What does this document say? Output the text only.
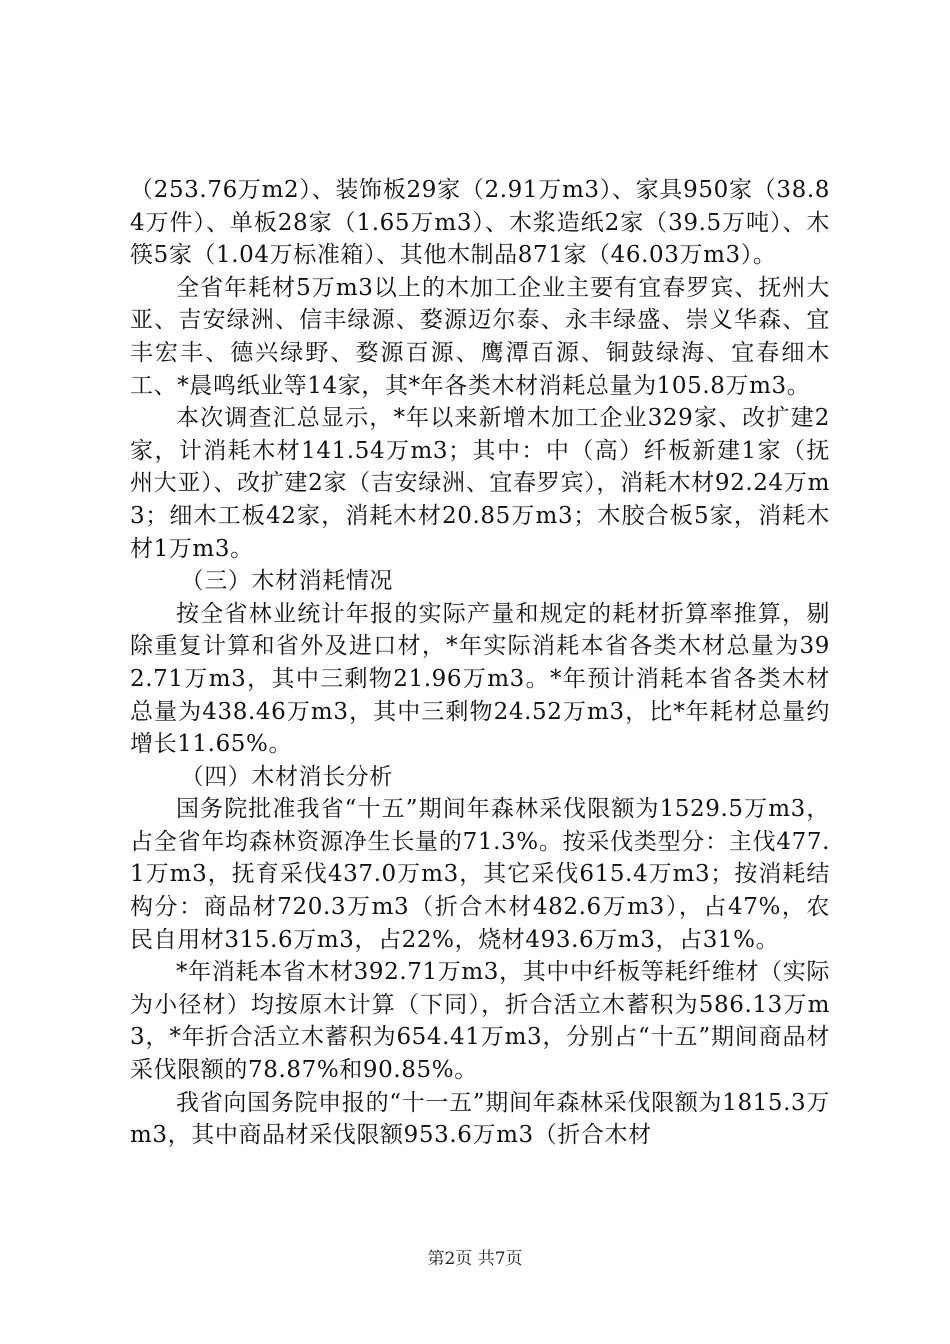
（253.76万m2）、装饰板29家（2.91万m3）、家具950家（38.84万件）、单板28家（1.65万m3）、木浆造纸2家（39.5万吨）、木筷5家（1.04万标准箱）、其他木制品871家（46.03万m3）。

全省年耗材5万m3以上的木加工企业主要有宜春罗宾、抚州大亚、吉安绿洲、信丰绿源、婺源迈尔泰、永丰绿盛、崇义华森、宜丰宏丰、德兴绿野、婺源百源、鹰潭百源、铜鼓绿海、宜春细木工、*晨鸣纸业等14家，其*年各类木材消耗总量为105.8万m3。

本次调查汇总显示，*年以来新增木加工企业329家、改扩建2家，计消耗木材141.54万m3；其中：中（高）纤板新建1家（抚州大亚）、改扩建2家（吉安绿洲、宜春罗宾），消耗木材92.24万m3；细木工板42家，消耗木材20.85万m3；木胶合板5家，消耗木材1万m3。

（三）木材消耗情况

按全省林业统计年报的实际产量和规定的耗材折算率推算，剔除重复计算和省外及进口材，*年实际消耗本省各类木材总量为392.71万m3，其中三剩物21.96万m3。*年预计消耗本省各类木材总量为438.46万m3，其中三剩物24.52万m3，比*年耗材总量约增长11.65%。

（四）木材消长分析

国务院批准我省“十五”期间年森林采伐限额为1529.5万m3，占全省年均森林资源净生长量的71.3%。按采伐类型分：主伐477.1万m3，抚育采伐437.0万m3，其它采伐615.4万m3；按消耗结构分：商品材720.3万m3（折合木材482.6万m3），占47%，农民自用材315.6万m3，占22%，烧材493.6万m3，占31%。

*年消耗本省木材392.71万m3，其中中纤板等耗纤维材（实际为小径材）均按原木计算（下同），折合活立木蓄积为586.13万m3，*年折合活立木蓄积为654.41万m3，分别占“十五”期间商品材采伐限额的78.87%和90.85%。

我省向国务院申报的“十一五”期间年森林采伐限额为1815.3万m3，其中商品材采伐限额953.6万m3（折合木材

第2页 共7页
